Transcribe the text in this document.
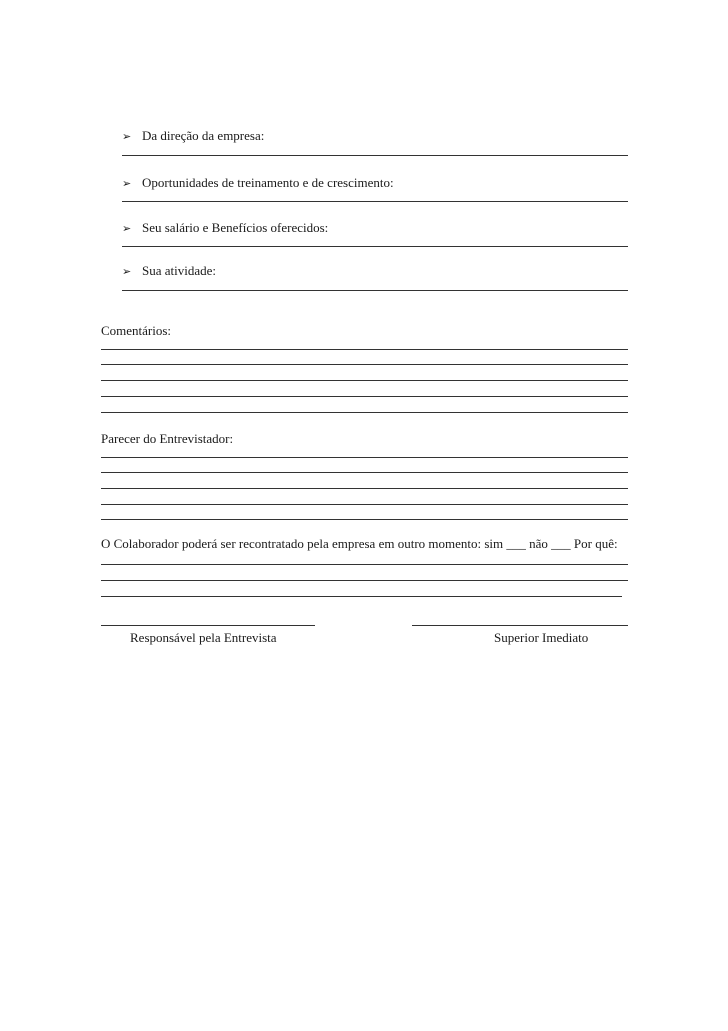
➢ Da direção da empresa:
➢ Oportunidades de treinamento e de crescimento:
➢ Seu salário e Benefícios oferecidos:
➢ Sua atividade:
Comentários:
Parecer do Entrevistador:
O Colaborador poderá ser recontratado pela empresa em outro momento: sim ___ não ___ Por quê:
Responsável pela Entrevista	Superior Imediato
